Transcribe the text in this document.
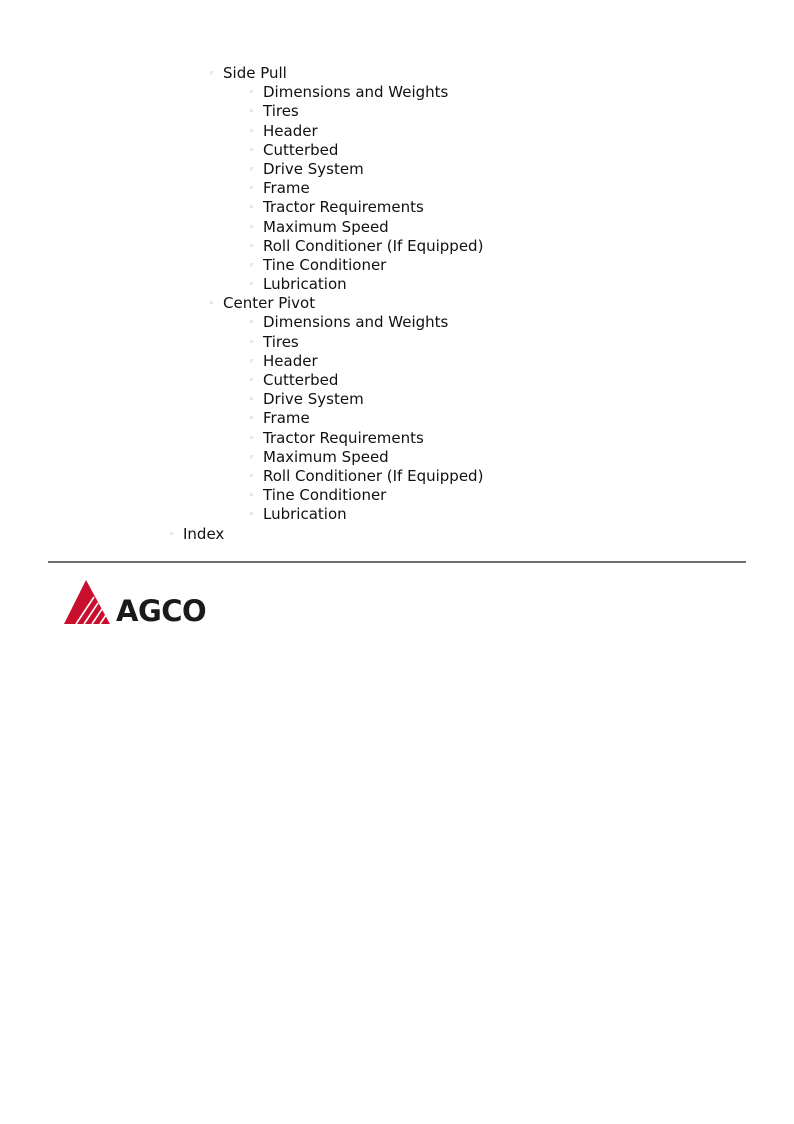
◦ Side Pull
◦ Dimensions and Weights
◦ Tires
◦ Header
◦ Cutterbed
◦ Drive System
◦ Frame
◦ Tractor Requirements
◦ Maximum Speed
◦ Roll Conditioner (If Equipped)
◦ Tine Conditioner
◦ Lubrication
◦ Center Pivot
◦ Dimensions and Weights
◦ Tires
◦ Header
◦ Cutterbed
◦ Drive System
◦ Frame
◦ Tractor Requirements
◦ Maximum Speed
◦ Roll Conditioner (If Equipped)
◦ Tine Conditioner
◦ Lubrication
◦ Index
AGCO
